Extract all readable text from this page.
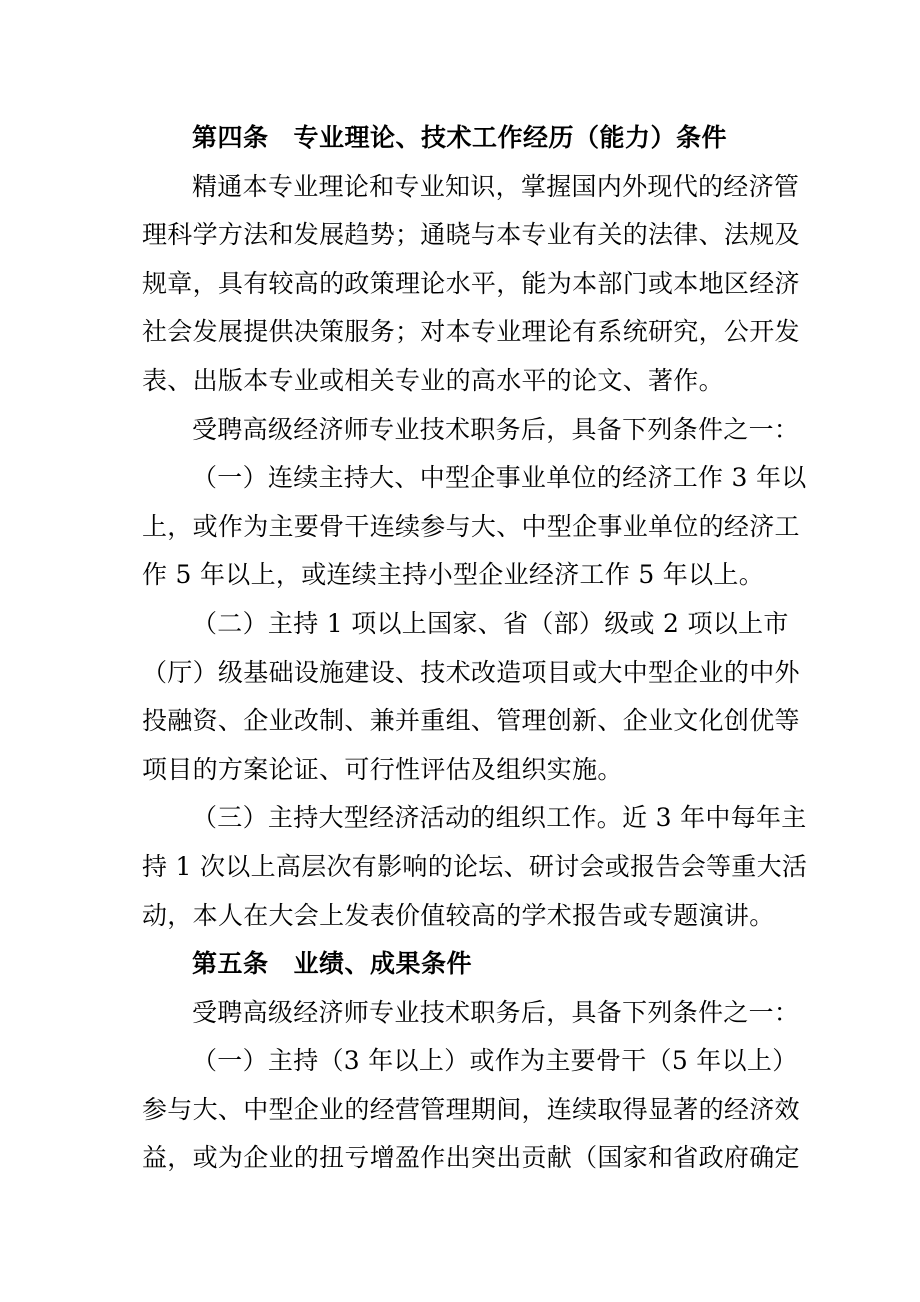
第四条 专业理论、技术工作经历（能力）条件
精通本专业理论和专业知识，掌握国内外现代的经济管
理科学方法和发展趋势；通晓与本专业有关的法律、法规及
规章，具有较高的政策理论水平，能为本部门或本地区经济
社会发展提供决策服务；对本专业理论有系统研究，公开发
表、出版本专业或相关专业的高水平的论文、著作。
受聘高级经济师专业技术职务后，具备下列条件之一：
（一）连续主持大、中型企事业单位的经济工作 3 年以
上，或作为主要骨干连续参与大、中型企事业单位的经济工
作 5 年以上，或连续主持小型企业经济工作 5 年以上。
（二）主持 1 项以上国家、省（部）级或 2 项以上市
（厅）级基础设施建设、技术改造项目或大中型企业的中外
投融资、企业改制、兼并重组、管理创新、企业文化创优等
项目的方案论证、可行性评估及组织实施。
（三）主持大型经济活动的组织工作。近 3 年中每年主
持 1 次以上高层次有影响的论坛、研讨会或报告会等重大活
动，本人在大会上发表价值较高的学术报告或专题演讲。
第五条 业绩、成果条件
受聘高级经济师专业技术职务后，具备下列条件之一：
（一）主持（3 年以上）或作为主要骨干（5 年以上）
参与大、中型企业的经营管理期间，连续取得显著的经济效
益，或为企业的扭亏增盈作出突出贡献（国家和省政府确定
